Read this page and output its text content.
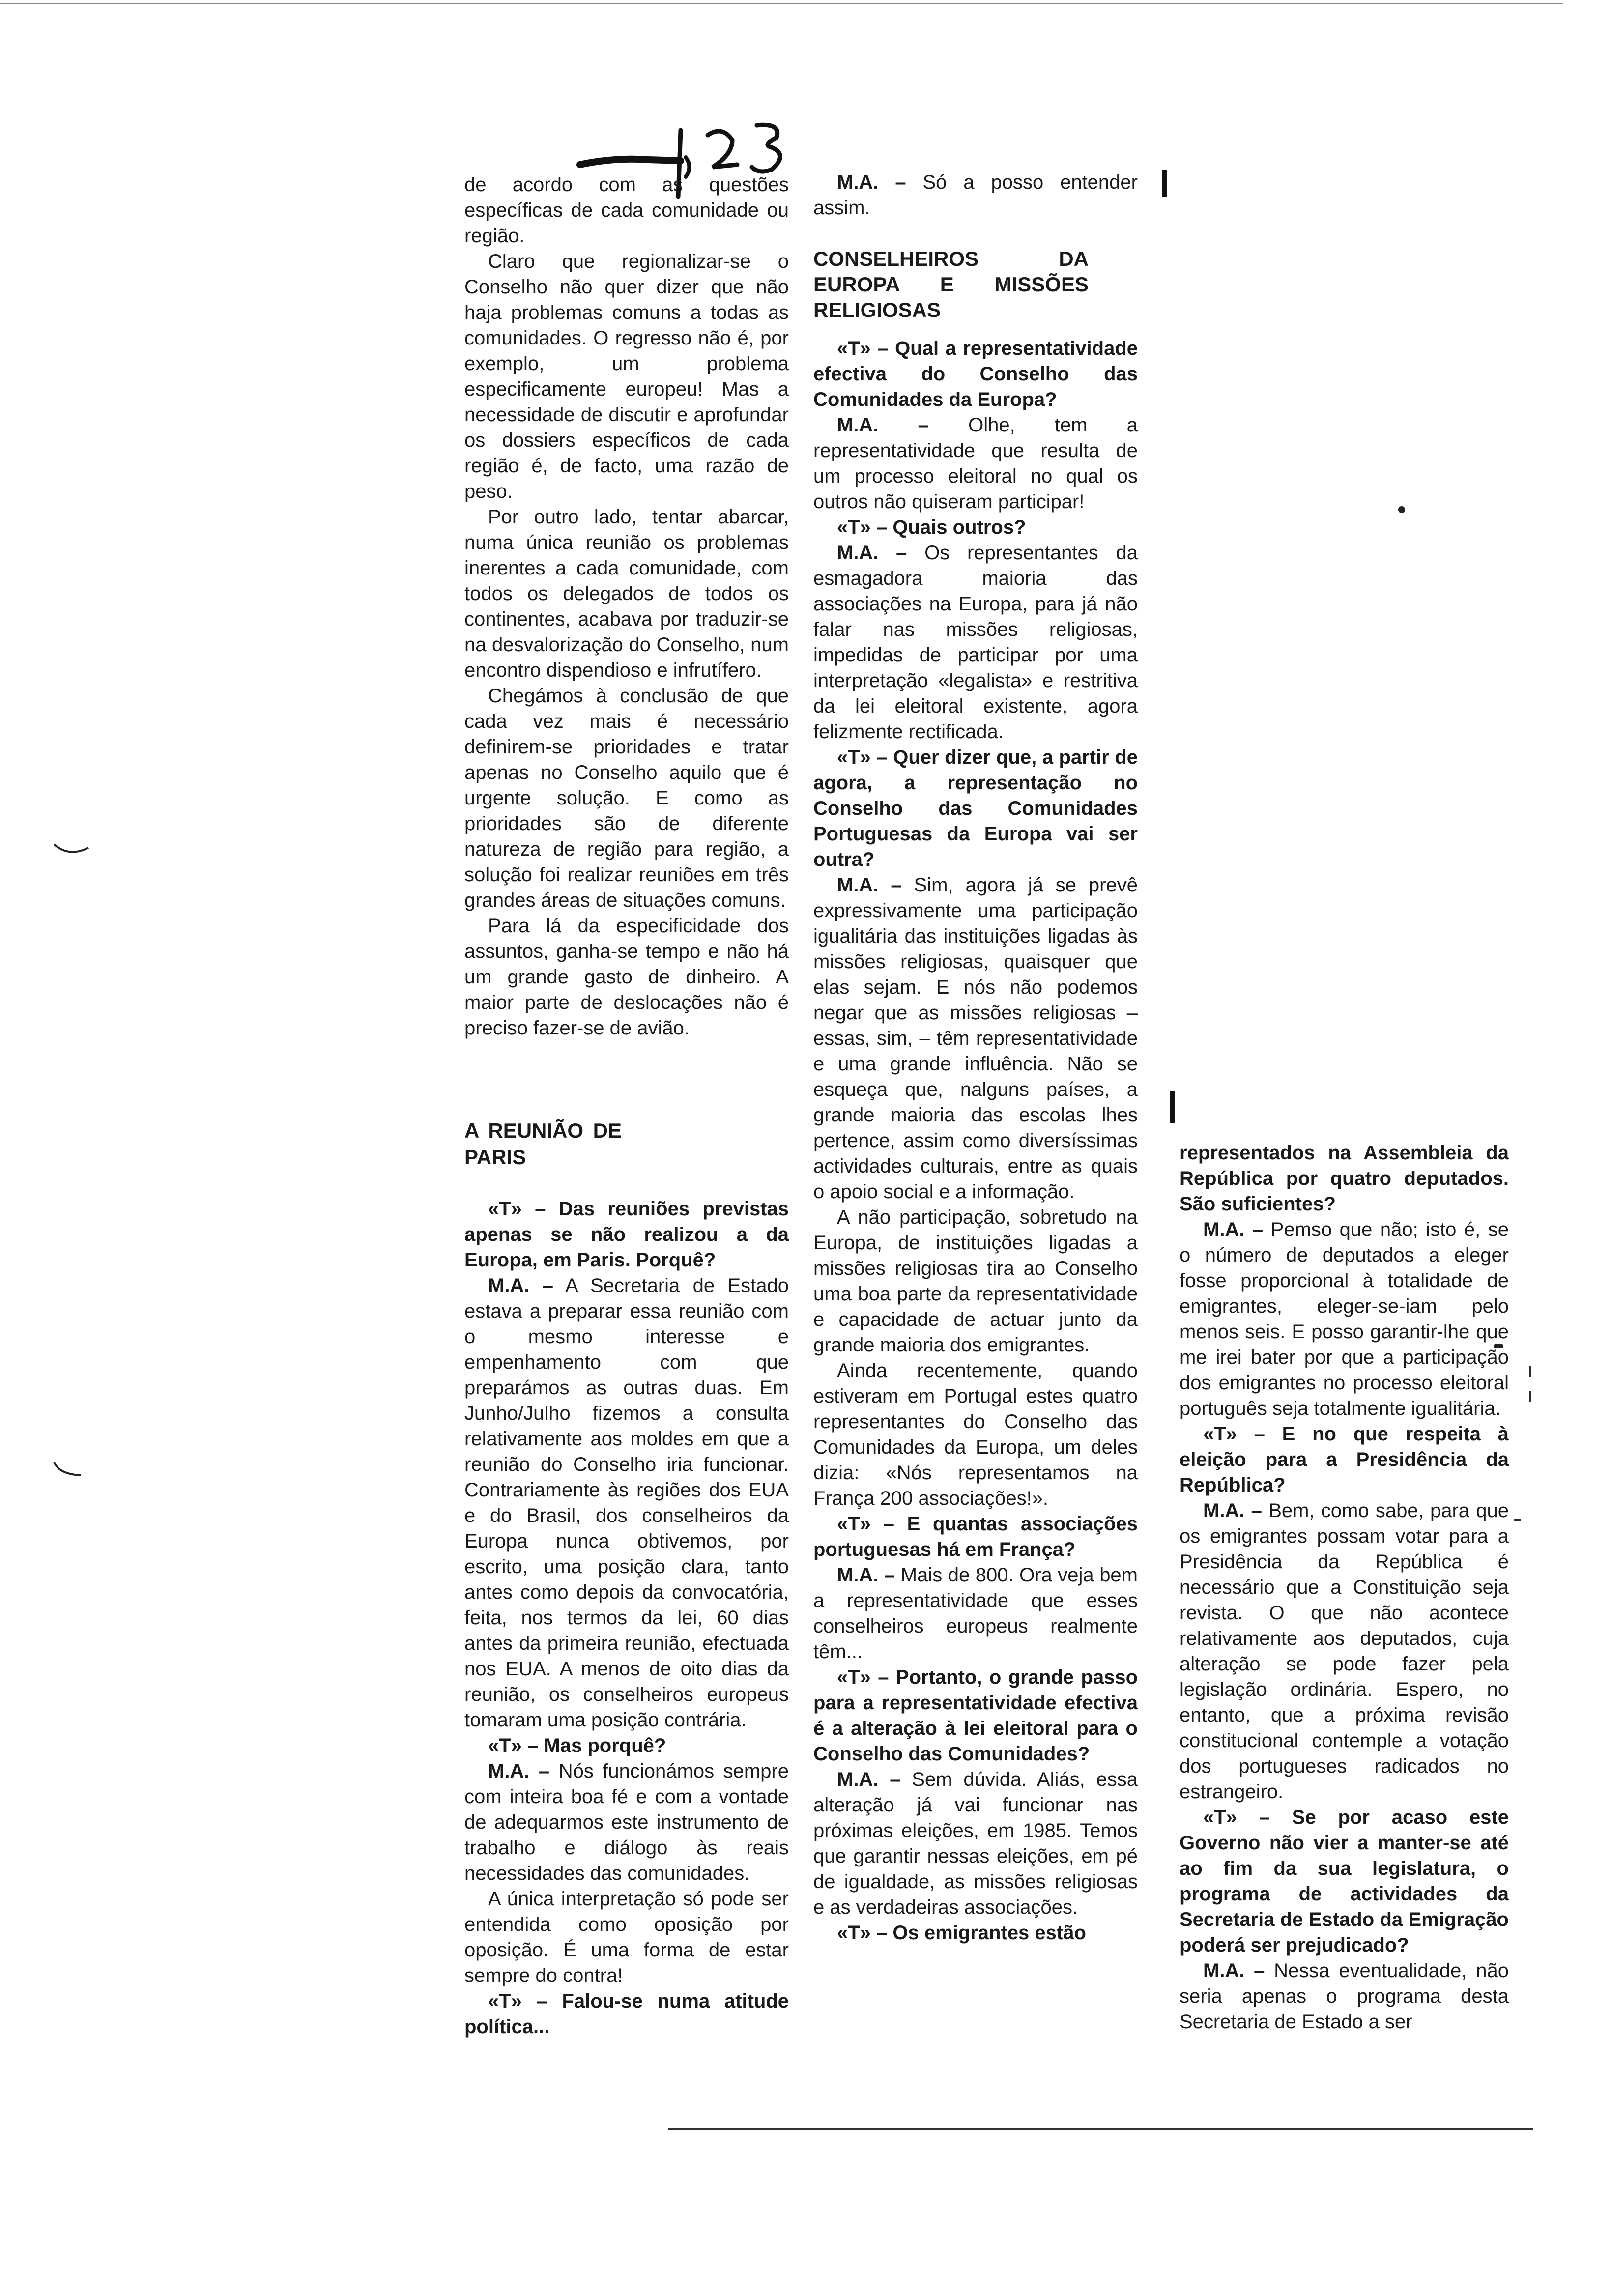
de acordo com as questões específicas de cada comunidade ou região.

Claro que regionalizar-se o Conselho não quer dizer que não haja problemas comuns a todas as comunidades. O regresso não é, por exemplo, um problema especificamente europeu! Mas a necessidade de discutir e aprofundar os dossiers específicos de cada região é, de facto, uma razão de peso.

Por outro lado, tentar abarcar, numa única reunião os problemas inerentes a cada comunidade, com todos os delegados de todos os continentes, acabava por traduzir-se na desvalorização do Conselho, num encontro dispendioso e infrutífero.

Chegámos à conclusão de que cada vez mais é necessário definirem-se prioridades e tratar apenas no Conselho aquilo que é urgente solução. E como as prioridades são de diferente natureza de região para região, a solução foi realizar reuniões em três grandes áreas de situações comuns.

Para lá da especificidade dos assuntos, ganha-se tempo e não há um grande gasto de dinheiro. A maior parte de deslocações não é preciso fazer-se de avião.

A REUNIÃO DE PARIS

«T» – Das reuniões previstas apenas se não realizou a da Europa, em Paris. Porquê?

M.A. – A Secretaria de Estado estava a preparar essa reunião com o mesmo interesse e empenhamento com que preparámos as outras duas. Em Junho/Julho fizemos a consulta relativamente aos moldes em que a reunião do Conselho iria funcionar. Contrariamente às regiões dos EUA e do Brasil, dos conselheiros da Europa nunca obtivemos, por escrito, uma posição clara, tanto antes como depois da convocatória, feita, nos termos da lei, 60 dias antes da primeira reunião, efectuada nos EUA. A menos de oito dias da reunião, os conselheiros europeus tomaram uma posição contrária.

«T» – Mas porquê?

M.A. – Nós funcionámos sempre com inteira boa fé e com a vontade de adequarmos este instrumento de trabalho e diálogo às reais necessidades das comunidades.

A única interpretação só pode ser entendida como oposição por oposição. É uma forma de estar sempre do contra!

«T» – Falou-se numa atitude política...

M.A. – Só a posso entender assim.

CONSELHEIROS DA EUROPA E MISSÕES RELIGIOSAS

«T» – Qual a representatividade efectiva do Conselho das Comunidades da Europa?

M.A. – Olhe, tem a representatividade que resulta de um processo eleitoral no qual os outros não quiseram participar!

«T» – Quais outros?

M.A. – Os representantes da esmagadora maioria das associações na Europa, para já não falar nas missões religiosas, impedidas de participar por uma interpretação «legalista» e restritiva da lei eleitoral existente, agora felizmente rectificada.

«T» – Quer dizer que, a partir de agora, a representação no Conselho das Comunidades Portuguesas da Europa vai ser outra?

M.A. – Sim, agora já se prevê expressivamente uma participação igualitária das instituições ligadas às missões religiosas, quaisquer que elas sejam. E nós não podemos negar que as missões religiosas – essas, sim, – têm representatividade e uma grande influência. Não se esqueça que, nalguns países, a grande maioria das escolas lhes pertence, assim como diversíssimas actividades culturais, entre as quais o apoio social e a informação.

A não participação, sobretudo na Europa, de instituições ligadas a missões religiosas tira ao Conselho uma boa parte da representatividade e capacidade de actuar junto da grande maioria dos emigrantes.

Ainda recentemente, quando estiveram em Portugal estes quatro representantes do Conselho das Comunidades da Europa, um deles dizia: «Nós representamos na França 200 associações!».

«T» – E quantas associações portuguesas há em França?

M.A. – Mais de 800. Ora veja bem a representatividade que esses conselheiros europeus realmente têm...

«T» – Portanto, o grande passo para a representatividade efectiva é a alteração à lei eleitoral para o Conselho das Comunidades?

M.A. – Sem dúvida. Aliás, essa alteração já vai funcionar nas próximas eleições, em 1985. Temos que garantir nessas eleições, em pé de igualdade, as missões religiosas e as verdadeiras associações.

«T» – Os emigrantes estão

representados na Assembleia da República por quatro deputados. São suficientes?

M.A. – Pemso que não; isto é, se o número de deputados a eleger fosse proporcional à totalidade de emigrantes, eleger-se-iam pelo menos seis. E posso garantir-lhe que me irei bater por que a participação dos emigrantes no processo eleitoral português seja totalmente igualitária.

«T» – E no que respeita à eleição para a Presidência da República?

M.A. – Bem, como sabe, para que os emigrantes possam votar para a Presidência da República é necessário que a Constituição seja revista. O que não acontece relativamente aos deputados, cuja alteração se pode fazer pela legislação ordinária. Espero, no entanto, que a próxima revisão constitucional contemple a votação dos portugueses radicados no estrangeiro.

«T» – Se por acaso este Governo não vier a manter-se até ao fim da sua legislatura, o programa de actividades da Secretaria de Estado da Emigração poderá ser prejudicado?

M.A. – Nessa eventualidade, não seria apenas o programa desta Secretaria de Estado a ser
